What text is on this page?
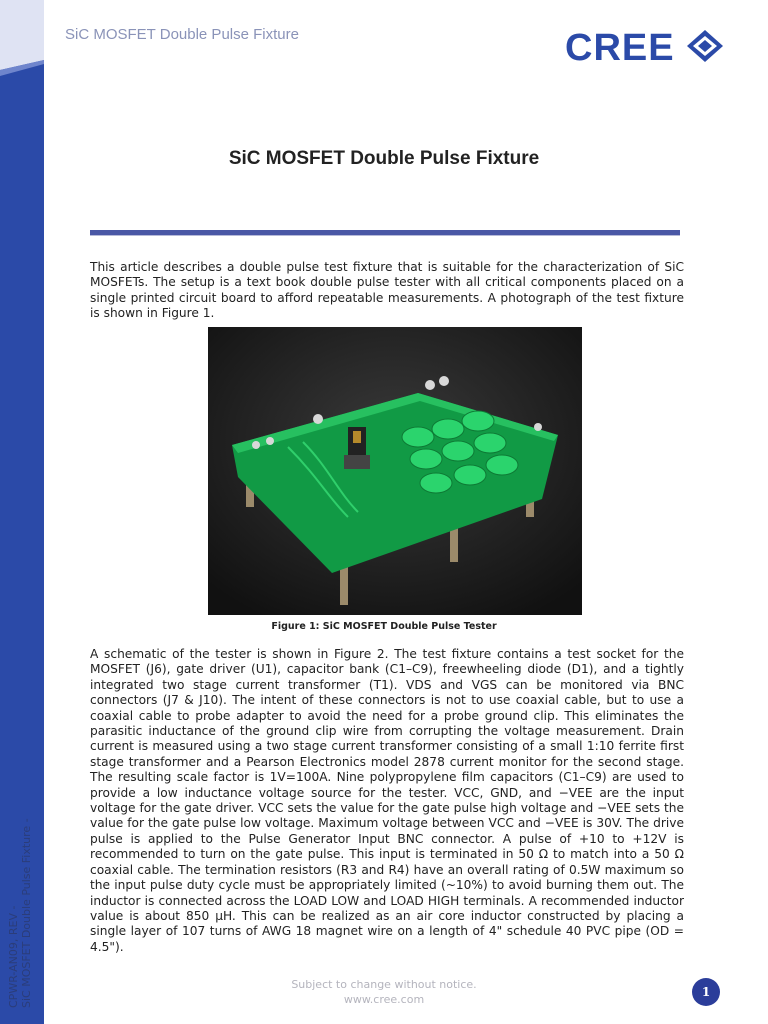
CPWR-AN09, REV - SiC MOSFET Double Pulse Fixture -
SiC MOSFET Double Pulse Fixture	CREE
SiC MOSFET Double Pulse Fixture
This article describes a double pulse test fixture that is suitable for the characterization of SiC MOSFETs. The setup is a text book double pulse tester with all critical components placed on a single printed circuit board to afford repeatable measurements. A photograph of the test fixture is shown in Figure 1.
Figure 1: SiC MOSFET Double Pulse Tester
A schematic of the tester is shown in Figure 2. The test fixture contains a test socket for the MOSFET (J6), gate driver (U1), capacitor bank (C1–C9), freewheeling diode (D1), and a tightly integrated two stage current transformer (T1). VDS and VGS can be monitored via BNC connectors (J7 & J10). The intent of these connectors is not to use coaxial cable, but to use a coaxial cable to probe adapter to avoid the need for a probe ground clip. This eliminates the parasitic inductance of the ground clip wire from corrupting the voltage measurement. Drain current is measured using a two stage current transformer consisting of a small 1:10 ferrite first stage transformer and a Pearson Electronics model 2878 current monitor for the second stage. The resulting scale factor is 1V=100A. Nine polypropylene film capacitors (C1–C9) are used to provide a low inductance voltage source for the tester. VCC, GND, and −VEE are the input voltage for the gate driver. VCC sets the value for the gate pulse high voltage and −VEE sets the value for the gate pulse low voltage. Maximum voltage between VCC and −VEE is 30V. The drive pulse is applied to the Pulse Generator Input BNC connector. A pulse of +10 to +12V is recommended to turn on the gate pulse. This input is terminated in 50 Ω to match into a 50 Ω coaxial cable. The termination resistors (R3 and R4) have an overall rating of 0.5W maximum so the input pulse duty cycle must be appropriately limited (~10%) to avoid burning them out. The inductor is connected across the LOAD LOW and LOAD HIGH terminals. A recommended inductor value is about 850 µH. This can be realized as an air core inductor constructed by placing a single layer of 107 turns of AWG 18 magnet wire on a length of 4" schedule 40 PVC pipe (OD = 4.5").
Subject to change without notice.
www.cree.com
1
